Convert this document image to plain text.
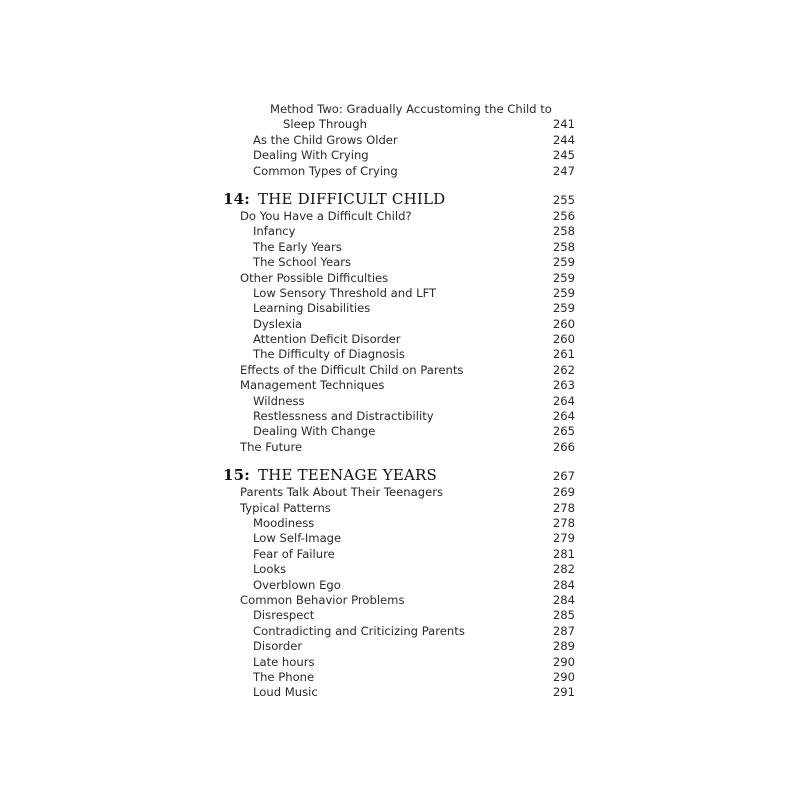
Method Two: Gradually Accustoming the Child to
Sleep Through	241
As the Child Grows Older	244
Dealing With Crying	245
Common Types of Crying	247
14: THE DIFFICULT CHILD	255
Do You Have a Difficult Child?	256
Infancy	258
The Early Years	258
The School Years	259
Other Possible Difficulties	259
Low Sensory Threshold and LFT	259
Learning Disabilities	259
Dyslexia	260
Attention Deficit Disorder	260
The Difficulty of Diagnosis	261
Effects of the Difficult Child on Parents	262
Management Techniques	263
Wildness	264
Restlessness and Distractibility	264
Dealing With Change	265
The Future	266
15: THE TEENAGE YEARS	267
Parents Talk About Their Teenagers	269
Typical Patterns	278
Moodiness	278
Low Self-Image	279
Fear of Failure	281
Looks	282
Overblown Ego	284
Common Behavior Problems	284
Disrespect	285
Contradicting and Criticizing Parents	287
Disorder	289
Late hours	290
The Phone	290
Loud Music	291
